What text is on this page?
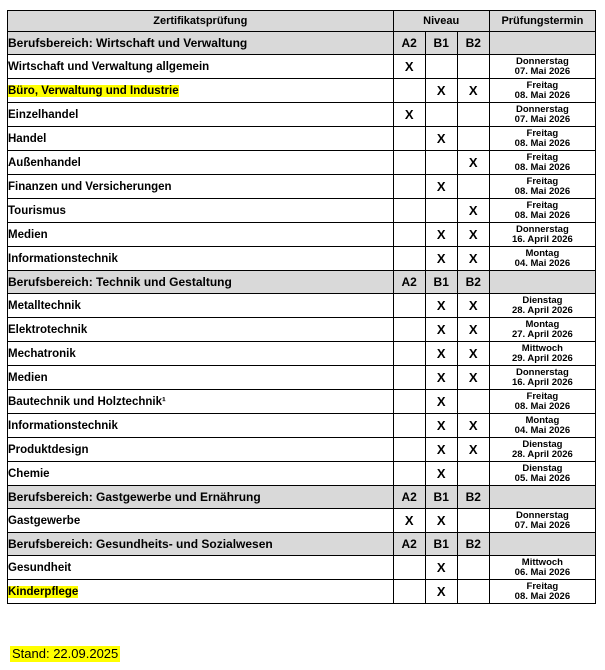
Zertifikatsprüfung	Niveau			Prüfungstermin
Berufsbereich: Wirtschaft und Verwaltung	A2	B1	B2	
Wirtschaft und Verwaltung allgemein	X			Donnerstag
07. Mai 2026

Büro, Verwaltung und Industrie		X	X	Freitag
08. Mai 2026

Einzelhandel	X			Donnerstag
07. Mai 2026

Handel		X		Freitag
08. Mai 2026

Außenhandel			X	Freitag
08. Mai 2026

Finanzen und Versicherungen		X		Freitag
08. Mai 2026

Tourismus			X	Freitag
08. Mai 2026

Medien		X	X	Donnerstag
16. April 2026

Informationstechnik		X	X	Montag
04. Mai 2026

Berufsbereich: Technik und Gestaltung	A2	B1	B2	
Metalltechnik		X	X	Dienstag
28. April 2026

Elektrotechnik		X	X	Montag
27. April 2026

Mechatronik		X	X	Mittwoch
29. April 2026

Medien		X	X	Donnerstag
16. April 2026

Bautechnik und Holztechnik¹		X		Freitag
08. Mai 2026

Informationstechnik		X	X	Montag
04. Mai 2026

Produktdesign		X	X	Dienstag
28. April 2026

Chemie		X		Dienstag
05. Mai 2026

Berufsbereich: Gastgewerbe und Ernährung	A2	B1	B2	
Gastgewerbe	X	X		Donnerstag
07. Mai 2026

Berufsbereich: Gesundheits- und Sozialwesen	A2	B1	B2	
Gesundheit		X		Mittwoch
06. Mai 2026

Kinderpflege		X		Freitag
08. Mai 2026
Stand: 22.09.2025
